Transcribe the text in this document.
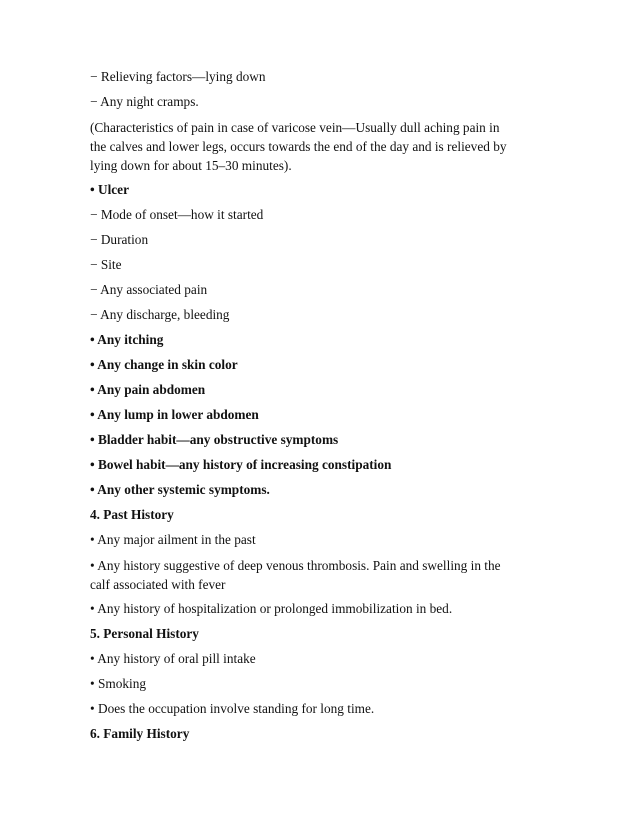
− Relieving factors—lying down
− Any night cramps.
(Characteristics of pain in case of varicose vein—Usually dull aching pain in
the calves and lower legs, occurs towards the end of the day and is relieved by
lying down for about 15–30 minutes).
• Ulcer
− Mode of onset—how it started
− Duration
− Site
− Any associated pain
− Any discharge, bleeding
• Any itching
• Any change in skin color
• Any pain abdomen
• Any lump in lower abdomen
• Bladder habit—any obstructive symptoms
• Bowel habit—any history of increasing constipation
• Any other systemic symptoms.
4. Past History
• Any major ailment in the past
• Any history suggestive of deep venous thrombosis. Pain and swelling in the
calf associated with fever
• Any history of hospitalization or prolonged immobilization in bed.
5. Personal History
• Any history of oral pill intake
• Smoking
• Does the occupation involve standing for long time.
6. Family History
